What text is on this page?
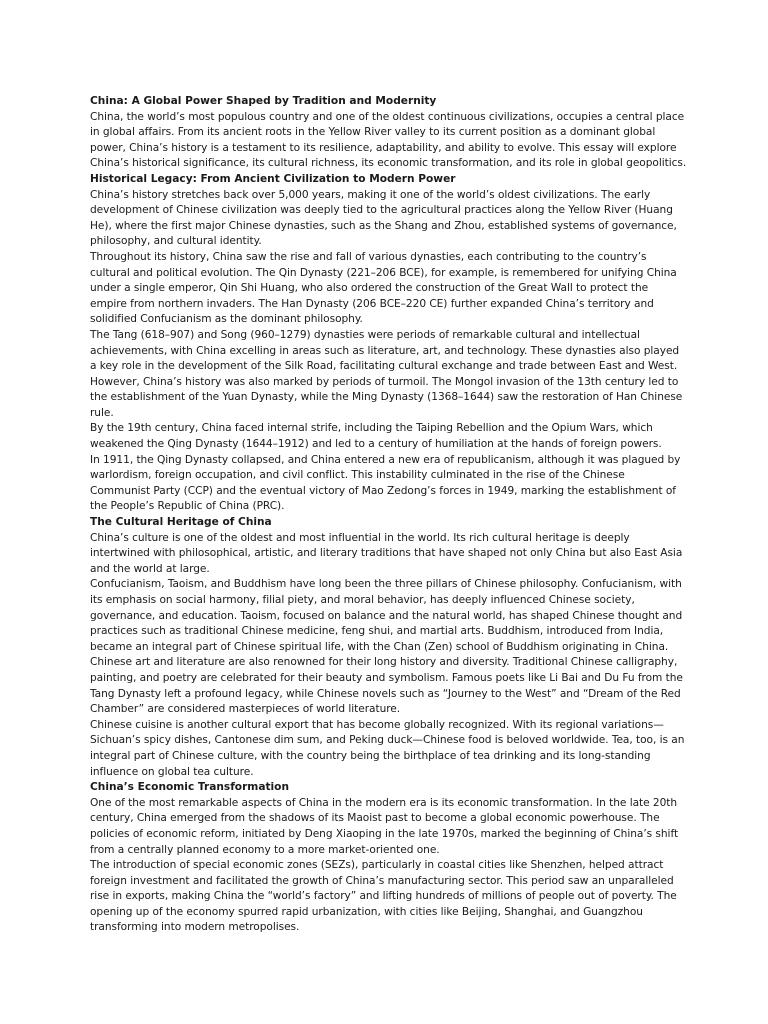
China: A Global Power Shaped by Tradition and Modernity

China, the world’s most populous country and one of the oldest continuous civilizations, occupies a central place in global affairs. From its ancient roots in the Yellow River valley to its current position as a dominant global power, China’s history is a testament to its resilience, adaptability, and ability to evolve. This essay will explore China’s historical significance, its cultural richness, its economic transformation, and its role in global geopolitics.

Historical Legacy: From Ancient Civilization to Modern Power

China’s history stretches back over 5,000 years, making it one of the world’s oldest civilizations. The early development of Chinese civilization was deeply tied to the agricultural practices along the Yellow River (Huang He), where the first major Chinese dynasties, such as the Shang and Zhou, established systems of governance, philosophy, and cultural identity.

Throughout its history, China saw the rise and fall of various dynasties, each contributing to the country’s cultural and political evolution. The Qin Dynasty (221–206 BCE), for example, is remembered for unifying China under a single emperor, Qin Shi Huang, who also ordered the construction of the Great Wall to protect the empire from northern invaders. The Han Dynasty (206 BCE–220 CE) further expanded China’s territory and solidified Confucianism as the dominant philosophy.

The Tang (618–907) and Song (960–1279) dynasties were periods of remarkable cultural and intellectual achievements, with China excelling in areas such as literature, art, and technology. These dynasties also played a key role in the development of the Silk Road, facilitating cultural exchange and trade between East and West.

However, China’s history was also marked by periods of turmoil. The Mongol invasion of the 13th century led to the establishment of the Yuan Dynasty, while the Ming Dynasty (1368–1644) saw the restoration of Han Chinese rule.

By the 19th century, China faced internal strife, including the Taiping Rebellion and the Opium Wars, which weakened the Qing Dynasty (1644–1912) and led to a century of humiliation at the hands of foreign powers.

In 1911, the Qing Dynasty collapsed, and China entered a new era of republicanism, although it was plagued by warlordism, foreign occupation, and civil conflict. This instability culminated in the rise of the Chinese Communist Party (CCP) and the eventual victory of Mao Zedong’s forces in 1949, marking the establishment of the People’s Republic of China (PRC).

The Cultural Heritage of China

China’s culture is one of the oldest and most influential in the world. Its rich cultural heritage is deeply intertwined with philosophical, artistic, and literary traditions that have shaped not only China but also East Asia and the world at large.

Confucianism, Taoism, and Buddhism have long been the three pillars of Chinese philosophy. Confucianism, with its emphasis on social harmony, filial piety, and moral behavior, has deeply influenced Chinese society, governance, and education. Taoism, focused on balance and the natural world, has shaped Chinese thought and practices such as traditional Chinese medicine, feng shui, and martial arts. Buddhism, introduced from India, became an integral part of Chinese spiritual life, with the Chan (Zen) school of Buddhism originating in China.

Chinese art and literature are also renowned for their long history and diversity. Traditional Chinese calligraphy, painting, and poetry are celebrated for their beauty and symbolism. Famous poets like Li Bai and Du Fu from the Tang Dynasty left a profound legacy, while Chinese novels such as “Journey to the West” and “Dream of the Red Chamber” are considered masterpieces of world literature.

Chinese cuisine is another cultural export that has become globally recognized. With its regional variations—Sichuan’s spicy dishes, Cantonese dim sum, and Peking duck—Chinese food is beloved worldwide. Tea, too, is an integral part of Chinese culture, with the country being the birthplace of tea drinking and its long-standing influence on global tea culture.

China’s Economic Transformation

One of the most remarkable aspects of China in the modern era is its economic transformation. In the late 20th century, China emerged from the shadows of its Maoist past to become a global economic powerhouse. The policies of economic reform, initiated by Deng Xiaoping in the late 1970s, marked the beginning of China’s shift from a centrally planned economy to a more market-oriented one.

The introduction of special economic zones (SEZs), particularly in coastal cities like Shenzhen, helped attract foreign investment and facilitated the growth of China’s manufacturing sector. This period saw an unparalleled rise in exports, making China the “world’s factory” and lifting hundreds of millions of people out of poverty. The opening up of the economy spurred rapid urbanization, with cities like Beijing, Shanghai, and Guangzhou transforming into modern metropolises.
